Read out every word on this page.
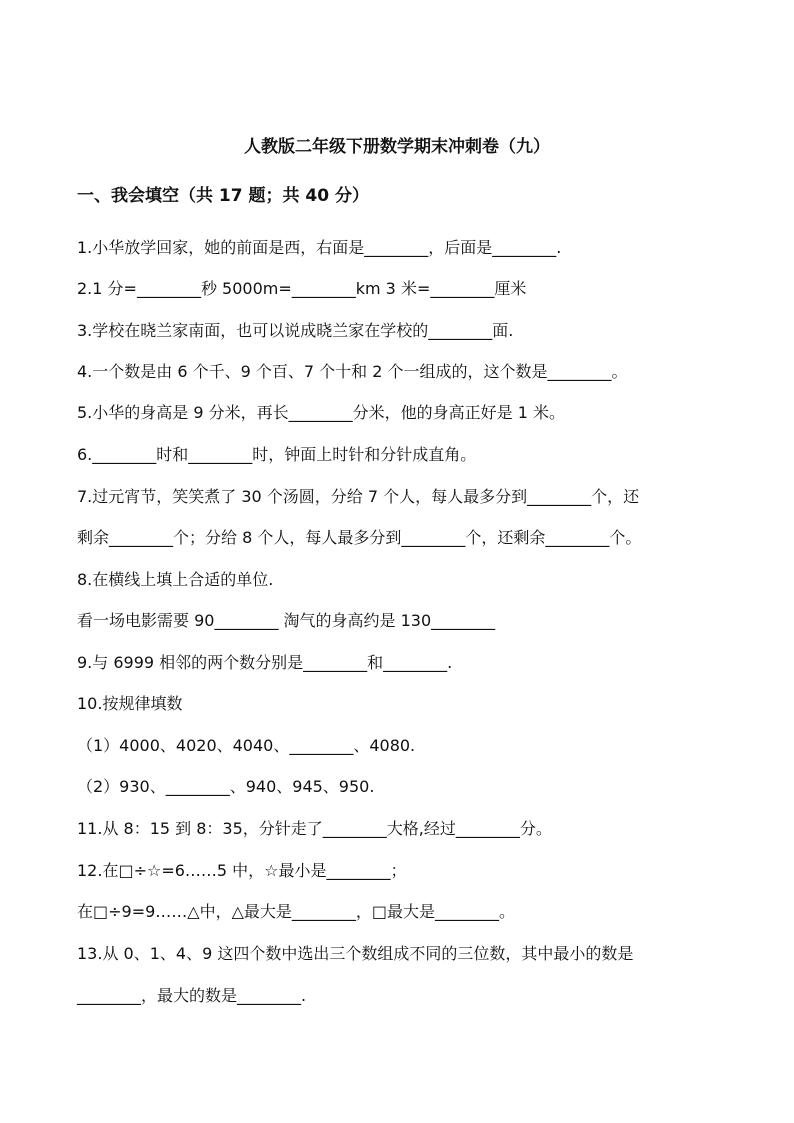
人教版二年级下册数学期末冲刺卷（九）
一、我会填空（共 17 题；共 40 分）
1.小华放学回家，她的前面是西，右面是________，后面是________.
2.1 分=________秒 5000m=________km 3 米=________厘米
3.学校在晓兰家南面，也可以说成晓兰家在学校的________面.
4.一个数是由 6 个千、9 个百、7 个十和 2 个一组成的，这个数是________。
5.小华的身高是 9 分米，再长________分米，他的身高正好是 1 米。
6.________时和________时，钟面上时针和分针成直角。
7.过元宵节，笑笑煮了 30 个汤圆，分给 7 个人，每人最多分到________个，还
剩余________个；分给 8 个人，每人最多分到________个，还剩余________个。
8.在横线上填上合适的单位.
看一场电影需要 90________ 淘气的身高约是 130________
9.与 6999 相邻的两个数分别是________和________.
10.按规律填数
（1）4000、4020、4040、________、4080.
（2）930、________、940、945、950.
11.从 8：15 到 8：35，分针走了________大格,经过________分。
12.在□÷☆=6……5 中，☆最小是________；
在□÷9=9……△中，△最大是________，□最大是________。
13.从 0、1、4、9 这四个数中选出三个数组成不同的三位数，其中最小的数是
________，最大的数是________.
